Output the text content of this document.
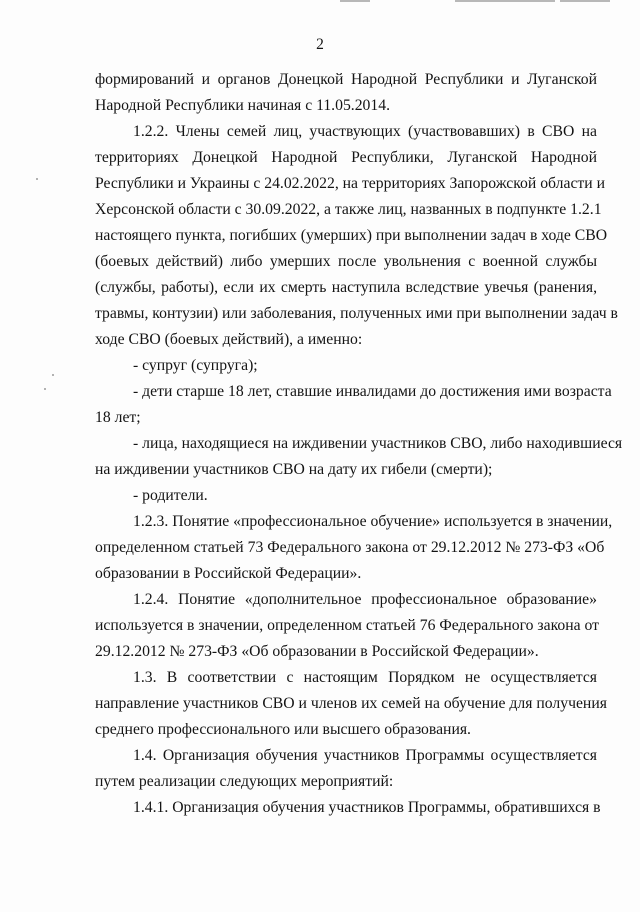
2
формирований и органов Донецкой Народной Республики и Луганской
Народной Республики начиная с 11.05.2014.
1.2.2. Члены семей лиц, участвующих (участвовавших) в СВО на
территориях Донецкой Народной Республики, Луганской Народной
Республики и Украины с 24.02.2022, на территориях Запорожской области и
Херсонской области с 30.09.2022, а также лиц, названных в подпункте 1.2.1
настоящего пункта, погибших (умерших) при выполнении задач в ходе СВО
(боевых действий) либо умерших после увольнения с военной службы
(службы, работы), если их смерть наступила вследствие увечья (ранения,
травмы, контузии) или заболевания, полученных ими при выполнении задач в
ходе СВО (боевых действий), а именно:
- супруг (супруга);
- дети старше 18 лет, ставшие инвалидами до достижения ими возраста
18 лет;
- лица, находящиеся на иждивении участников СВО, либо находившиеся
на иждивении участников СВО на дату их гибели (смерти);
- родители.
1.2.3. Понятие «профессиональное обучение» используется в значении,
определенном статьей 73 Федерального закона от 29.12.2012 № 273-ФЗ «Об
образовании в Российской Федерации».
1.2.4. Понятие «дополнительное профессиональное образование»
используется в значении, определенном статьей 76 Федерального закона от
29.12.2012 № 273-ФЗ «Об образовании в Российской Федерации».
1.3. В соответствии с настоящим Порядком не осуществляется
направление участников СВО и членов их семей на обучение для получения
среднего профессионального или высшего образования.
1.4. Организация обучения участников Программы осуществляется
путем реализации следующих мероприятий:
1.4.1. Организация обучения участников Программы, обратившихся в
